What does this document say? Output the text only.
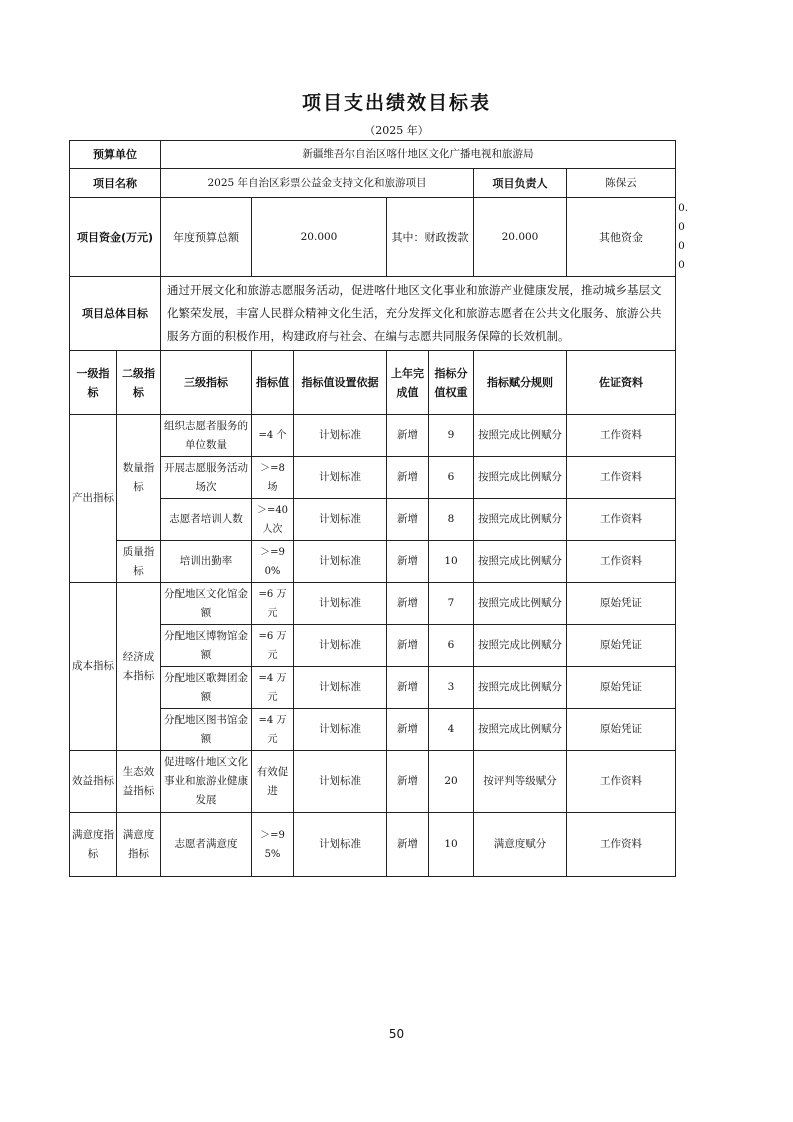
项目支出绩效目标表
（2025 年）
预算单位		新疆维吾尔自治区喀什地区文化广播电视和旅游局							
项目名称		2025 年自治区彩票公益金支持文化和旅游项目					项目负责人	陈保云	
项目资金(万元)		年度预算总额	20.000		其中：财政拨款		20.000	其他资金	0.000
项目总体目标		通过开展文化和旅游志愿服务活动，促进喀什地区文化事业和旅游产业健康发展，推动城乡基层文化繁荣发展，丰富人民群众精神文化生活，充分发挥文化和旅游志愿者在公共文化服务、旅游公共服务方面的积极作用，构建政府与社会、在编与志愿共同服务保障的长效机制。							
一级指标	二级指标	三级指标	指标值	指标值设置依据	上年完成值	指标分值权重	指标赋分规则	佐证资料	
产出指标	数量指标	组织志愿者服务的单位数量	=4 个	计划标准	新增	9	按照完成比例赋分	工作资料	
		开展志愿服务活动场次	＞=8 场	计划标准	新增	6	按照完成比例赋分	工作资料	
		志愿者培训人数	＞=40 人次	计划标准	新增	8	按照完成比例赋分	工作资料	
	质量指标	培训出勤率	＞=90%	计划标准	新增	10	按照完成比例赋分	工作资料	
成本指标	经济成本指标	分配地区文化馆金额	=6 万元	计划标准	新增	7	按照完成比例赋分	原始凭证	
		分配地区博物馆金额	=6 万元	计划标准	新增	6	按照完成比例赋分	原始凭证	
		分配地区歌舞团金额	=4 万元	计划标准	新增	3	按照完成比例赋分	原始凭证	
		分配地区图书馆金额	=4 万元	计划标准	新增	4	按照完成比例赋分	原始凭证	
效益指标	生态效益指标	促进喀什地区文化事业和旅游业健康发展	有效促进	计划标准	新增	20	按评判等级赋分	工作资料	
满意度指标	满意度指标	志愿者满意度	＞=95%	计划标准	新增	10	满意度赋分	工作资料	
50
